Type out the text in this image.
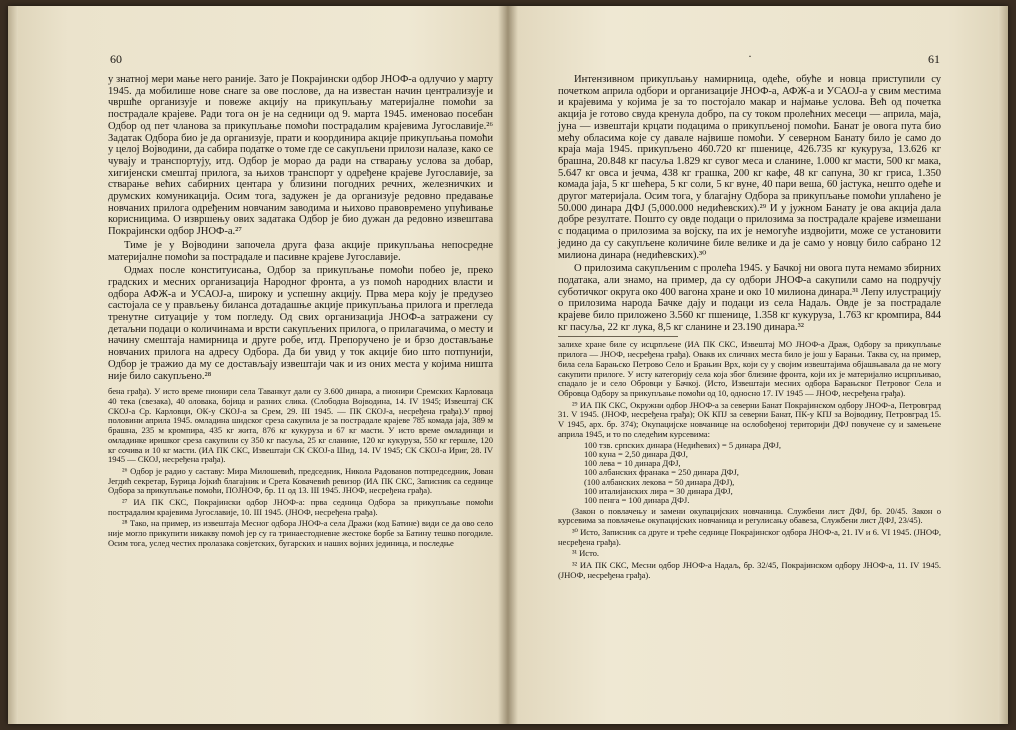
60

у знатној мери мање него раније. Зато је Покрајински одбор ЈНОФ-а одлучио у марту 1945. да мобилише нове снаге за ове послове, да на известан начин централизује и чвршће организује и повеже акцију на прикупљању материјалне помоћи за пострадале крајеве. Ради тога он је на седници од 9. марта 1945. именовао посебан Одбор од пет чланова за прикупљање помоћи пострадалим крајевима Југославије.²⁶ Задатак Одбора био је да организује, прати и координира акције прикупљања помоћи у целој Војводини, да сабира податке о томе где се сакупљени прилози налазе, како се чувају и транспортују, итд. Одбор је морао да ради на стварању услова за добар, хигијенски смештај прилога, за њихов транспорт у одређене крајеве Југославије, за стварање већих сабирних центара у близини погодних речних, железничких и друмских комуникација. Осим тога, задужен је да организује редовно предавање новчаних прилога одређеним новчаним заводима и њихово правовремено упућивање корисницима. О извршењу ових задатака Одбор је био дужан да редовно извештава Покрајински одбор ЈНОФ-а.²⁷

Тиме је у Војводини започела друга фаза акције прикупљања непосредне материјалне помоћи за пострадале и пасивне крајеве Југославије.

Одмах после конституисања, Одбор за прикупљање помоћи побео је, преко градских и месних организација Народног фронта, а уз помоћ народних власти и одбора АФЖ-а и УСАОЈ-а, широку и успешну акцију. Прва мера коју је предузео састојала се у прављењу биланса дотадашње акције прикупљања прилога и прегледа тренутне ситуације у том погледу. Од свих организација ЈНОФ-а затражени су детаљни подаци о количинама и врсти сакупљених прилога, о прилагачима, о месту и начину смештаја намирница и друге робе, итд. Препоручено је и брзо достављање новчаних прилога на адресу Одбора. Да би увид у ток акције био што потпунији, Одбор је тражио да му се достављају извештаји чак и из оних места у којима ништа није било сакупљено.²⁸

бена грађа). У исто време пионири села Таванкут дали су 3.600 динара, а пионири Сремских Карловаца 40 тека (свезака), 40 оловака, бојица и разних слика. (Слободна Војводина, 14. IV 1945; Извештај СК СКОЈ-а Ср. Карловци, ОК-у СКОЈ-а за Срем, 29. III 1945. — ПК СКОЈ-а, несређена грађа).У првој половини априла 1945. омладина шидског среза сакупила је за пострадале крајеве 785 комада јаја, 389 м брашна, 235 м кромпира, 435 кг жита, 876 кг кукуруза и 67 кг масти. У исто време омладинци и омладинке иришког среза сакупили су 350 кг пасуља, 25 кг сланине, 120 кг кукуруза, 550 кг гершле, 120 кг сочива и 10 кг масти. (ИА ПК СКС, Извештаји СК СКОЈ-а Шид, 14. IV 1945; СК СКОЈ-а Ириг, 28. IV 1945 — СКОЈ, несређена грађа).

²⁶ Одбор је радио у саставу: Мира Милошевић, председник, Никола Радованов потпредседник, Јован Јегдић секретар, Бурица Јојкић благајник и Срета Ковачевић ревизор (ИА ПК СКС, Записник са седнице Одбора за прикупљање помоћи, ПОЈНОФ, бр. 11 од 13. III 1945. ЈНОФ, несређена грађа).

²⁷ ИА ПК СКС, Покрајински одбор ЈНОФ-а: прва седница Одбора за прикупљање помоћи пострадалим крајевима Југославије, 10. III 1945. (ЈНОФ, несређена грађа).

²⁸ Тако, на пример, из извештаја Месног одбора ЈНОФ-а села Дражи (код Батине) види се да ово село није могло прикупити никакву помоћ јер су га тринаестодневне жестоке борбе за Батину тешко погодиле. Осим тога, услед честих пролазака совјетских, бугарских и наших војних јединица, и последње

·	61

Интензивном прикупљању намирница, одеће, обуће и новца приступили су почетком априла одбори и организације ЈНОФ-а, АФЖ-а и УСАОЈ-а у свим местима и крајевима у којима је за то постојало макар и најмање услова. Већ од почетка акција је готово свуда кренула добро, па су током пролећних месеци — априла, маја, јуна — извештаји крцати подацима о прикупљеној помоћи. Банат је овога пута био мећу обласима које су давале највише помоћи. У северном Банату било је само до краја маја 1945. прикупљено 460.720 кг пшенице, 426.735 кг кукуруза, 13.626 кг брашна, 20.848 кг пасуља 1.829 кг сувог меса и сланине, 1.000 кг масти, 500 кг мака, 5.647 кг овса и јечма, 438 кг грашка, 200 кг кафе, 48 кг сапуна, 30 кг гриса, 1.350 комада јаја, 5 кг шећера, 5 кг соли, 5 кг вуне, 40 пари веша, 60 јастука, нешто одеће и другог материјала. Осим тога, у благајну Одбора за прикупљање помоћи уплаћено је 50.000 динара ДФЈ (5,000.000 недићевских).²⁹ И у јужном Банату је ова акција дала добре резултате. Пошто су овде подаци о прилозима за пострадале крајеве измешани с подацима о прилозима за војску, па их је немогуће издвојити, може се установити једино да су сакупљене количине биле велике и да је само у новцу било сабрано 12 милиона динара (недићевских).³⁰

О прилозима сакупљеним с пролећа 1945. у Бачкој ни овога пута немамо збирних података, али знамо, на пример, да су одбори ЈНОФ-а сакупили само на подручју суботичког округа око 400 вагона хране и око 10 милиона динара.³¹ Лепу илустрацију о прилозима народа Бачке дају и подаци из села Надаљ. Овде је за пострадале крајеве било приложено 3.560 кг пшенице, 1.358 кг кукуруза, 1.763 кг кромпира, 844 кг пасуља, 22 кг лука, 8,5 кг сланине и 23.190 динара.³²

залихе хране биле су исцрпљене (ИА ПК СКС, Извештај МО ЈНОФ-а Драж, Одбору за прикупљање прилога — ЈНОФ, несређена грађа). Овакв их сличних места било је још у Барањи. Таква су, на пример, била села Барањско Петрово Село и Брањин Врх, који су у својим извештајима објашњавала да не могу сакупити прилоге. У исту категорију села која због близине фронта, који их је материјално исцрпљивао, спадало је и село Обровци у Бачкој. (Исто, Извештаји месних одбора Барањског Петровог Села и Обровца Одбору за прикупљање помоћи од 10, односно 17. IV 1945 — ЈНОФ, несређена грађа).

²⁹ ИА ПК СКС, Окружни одбор ЈНОФ-а за северни Банат Покрајинском одбору ЈНОФ-а, Петровград 31. V 1945. (ЈНОФ, несређена грађа); ОК КПЈ за северни Банат, ПК-у КПЈ за Војводину, Петровград 15. V 1945, арх. бр. 374); Окупацијске новчанице на ослобођеној територији ДФЈ повучене су и замењене априла 1945, и то по следећим курсевима:

100 тзв. српских динара (Недићевих) = 5 динара ДФЈ,
100 куна = 2,50 динара ДФЈ,
100 лева = 10 динара ДФЈ,
100 албанских франака = 250 динара ДФЈ,
(100 албанских лекова = 50 динара ДФЈ),
100 италијанских лира = 30 динара ДФЈ,
100 пенга = 100 динара ДФЈ.

(Закон о повлачењу и замени окупацијских новчаница. Службени лист ДФЈ, бр. 20/45. Закон о курсевима за повлачење окупацијских новчаница и регулисању обавеза, Службени лист ДФЈ, 23/45).

³⁰ Исто, Записник са друге и треће седнице Покрајинског одбора ЈНОФ-а, 21. IV и 6. VI 1945. (ЈНОФ, несређена грађа).

³¹ Исто.

³² ИА ПК СКС, Месни одбор ЈНОФ-а Надаљ, бр. 32/45, Покрајинском одбору ЈНОФ-а, 11. IV 1945. (ЈНОФ, несређена грађа).
